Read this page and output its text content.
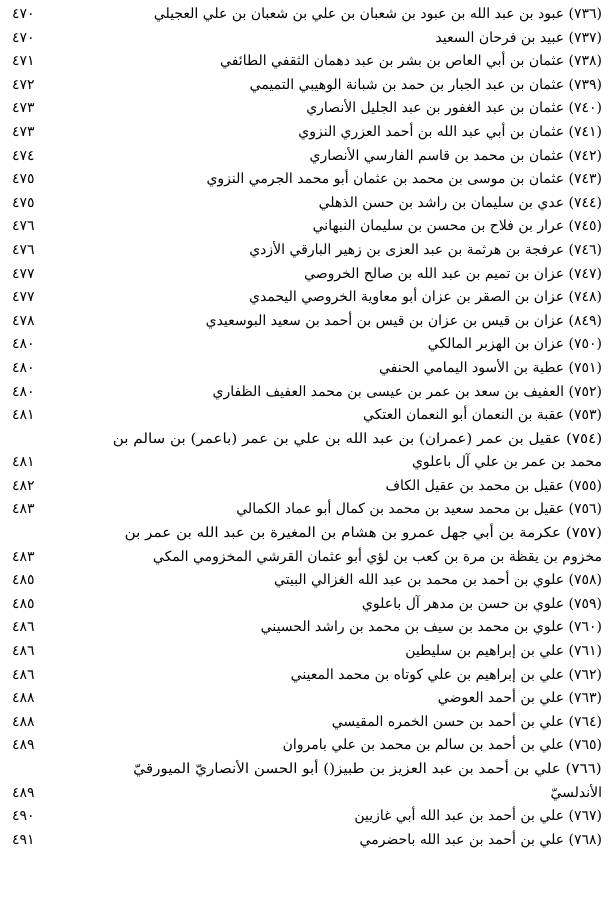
(٧٣٦) عبود بن عبد الله بن عبود بن شعبان بن علي بن شعبان بن علي العجيلي
٤٧٠
(٧٣٧) عبيد بن فرحان السعيد
٤٧٠
(٧٣٨) عثمان بن أبي العاص بن بشر بن عبد دهمان الثقفي الطائفي
٤٧١
(٧٣٩) عثمان بن عبد الجبار بن حمد بن شبانة الوهيبي التميمي
٤٧٢
(٧٤٠) عثمان بن عبد الغفور بن عبد الجليل الأنصاري
٤٧٣
(٧٤١) عثمان بن أبي عبد الله بن أحمد العزري النزوي
٤٧٣
(٧٤٢) عثمان بن محمد بن قاسم الفارسي الأنصاري
٤٧٤
(٧٤٣) عثمان بن موسى بن محمد بن عثمان أبو محمد الجرمي النزوي
٤٧٥
(٧٤٤) عدي بن سليمان بن راشد بن حسن الذهلي
٤٧٥
(٧٤٥) عرار بن فلاح بن محسن بن سليمان النبهاني
٤٧٦
(٧٤٦) عرفجة بن هرثمة بن عبد العزى بن زهير البارقي الأزدي
٤٧٦
(٧٤٧) عزان بن تميم بن عبد الله بن صالح الخروصي
٤٧٧
(٧٤٨) عزان بن الصقر بن عزان أبو معاوية الخروصي اليحمدي
٤٧٧
(٨٤٩) عزان بن قيس بن عزان بن قيس بن أحمد بن سعيد البوسعيدي
٤٧٨
(٧٥٠) عزان بن الهزبر المالكي
٤٨٠
(٧٥١) عطية بن الأسود اليمامي الحنفي
٤٨٠
(٧٥٢) العفيف بن سعد بن عمر بن عيسى بن محمد العفيف الظفاري
٤٨٠
(٧٥٣) عقبة بن النعمان أبو النعمان العتكي
٤٨١
(٧٥٤) عقيل بن عمر (عمران) بن عبد الله بن علي بن عمر (باعمر) بن سالم بن
محمد بن عمر بن علي آل باعلوي
٤٨١
(٧٥٥) عقيل بن محمد بن عقيل الكاف
٤٨٢
(٧٥٦) عقيل بن محمد سعيد بن محمد بن كمال أبو عماد الكمالي
٤٨٣
(٧٥٧) عكرمة بن أبي جهل عمرو بن هشام بن المغيرة بن عبد الله بن عمر بن
مخزوم بن يقظة بن مرة بن كعب بن لؤي أبو عثمان القرشي المخزومي المكي
٤٨٣
(٧٥٨) علوي بن أحمد بن محمد بن عبد الله الغزالي البيتي
٤٨٥
(٧٥٩) علوي بن حسن بن مدهر آل باعلوي
٤٨٥
(٧٦٠) علوي بن محمد بن سيف بن محمد بن راشد الحسيني
٤٨٦
(٧٦١) علي بن إبراهيم بن سليطين
٤٨٦
(٧٦٢) علي بن إبراهيم بن علي كوتاه بن محمد المعيني
٤٨٦
(٧٦٣) علي بن أحمد العوضي
٤٨٨
(٧٦٤) علي بن أحمد بن حسن الخمره المقيسي
٤٨٨
(٧٦٥) علي بن أحمد بن سالم بن محمد بن علي بامروان
٤٨٩
(٧٦٦) علي بن أحمد بن عبد العزيز بن طبيز() أبو الحسن الأنصاريّ الميورقيّ
الأندلسيّ
٤٨٩
(٧٦٧) علي بن أحمد بن عبد الله أبي غازيين
٤٩٠
(٧٦٨) علي بن أحمد بن عبد الله باحضرمي
٤٩١
